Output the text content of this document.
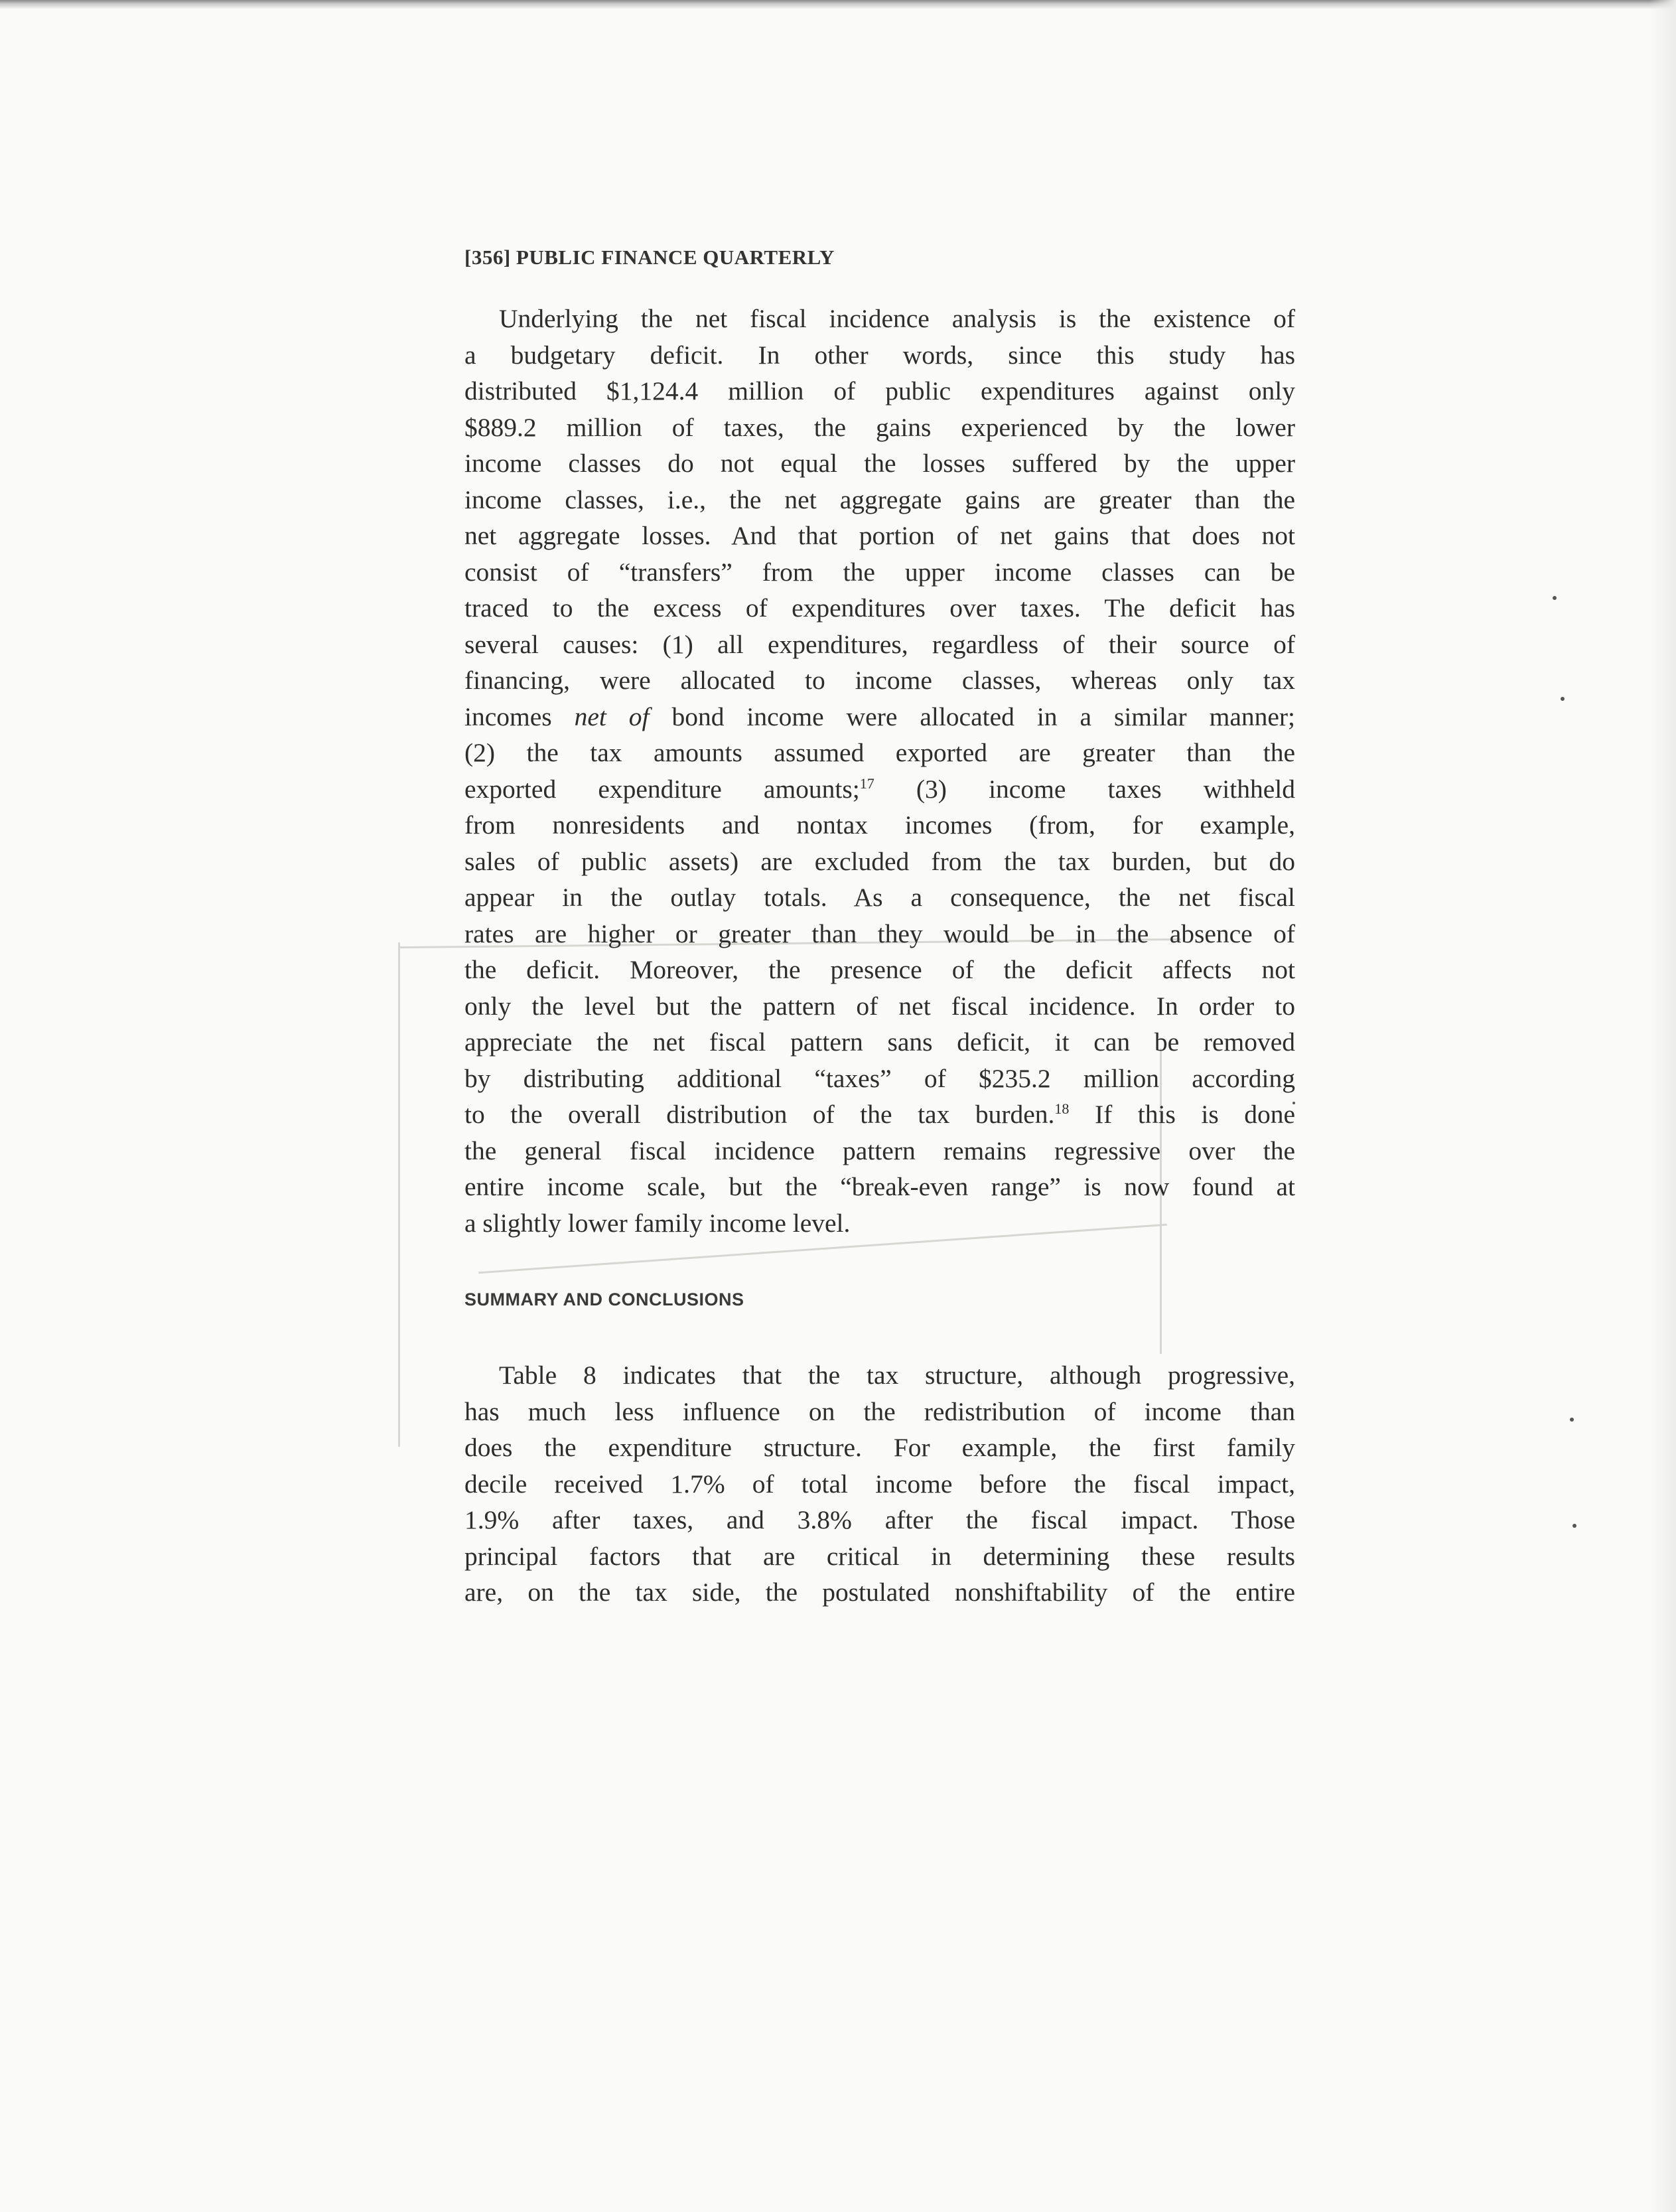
[356] PUBLIC FINANCE QUARTERLY
Underlying the net fiscal incidence analysis is the existence of
a budgetary deficit. In other words, since this study has
distributed $1,124.4 million of public expenditures against only
$889.2 million of taxes, the gains experienced by the lower
income classes do not equal the losses suffered by the upper
income classes, i.e., the net aggregate gains are greater than the
net aggregate losses. And that portion of net gains that does not
consist of “transfers” from the upper income classes can be
traced to the excess of expenditures over taxes. The deficit has
several causes: (1) all expenditures, regardless of their source of
financing, were allocated to income classes, whereas only tax
incomes net of bond income were allocated in a similar manner;
(2) the tax amounts assumed exported are greater than the
exported expenditure amounts;$^{17}$ (3) income taxes withheld
from nonresidents and nontax incomes (from, for example,
sales of public assets) are excluded from the tax burden, but do
appear in the outlay totals. As a consequence, the net fiscal
rates are higher or greater than they would be in the absence of
the deficit. Moreover, the presence of the deficit affects not
only the level but the pattern of net fiscal incidence. In order to
appreciate the net fiscal pattern sans deficit, it can be removed
by distributing additional “taxes” of $235.2 million according
to the overall distribution of the tax burden.$^{18}$ If this is done
the general fiscal incidence pattern remains regressive over the
entire income scale, but the “break-even range” is now found at
a slightly lower family income level.
SUMMARY AND CONCLUSIONS
Table 8 indicates that the tax structure, although progressive,
has much less influence on the redistribution of income than
does the expenditure structure. For example, the first family
decile received 1.7% of total income before the fiscal impact,
1.9% after taxes, and 3.8% after the fiscal impact. Those
principal factors that are critical in determining these results
are, on the tax side, the postulated nonshiftability of the entire
